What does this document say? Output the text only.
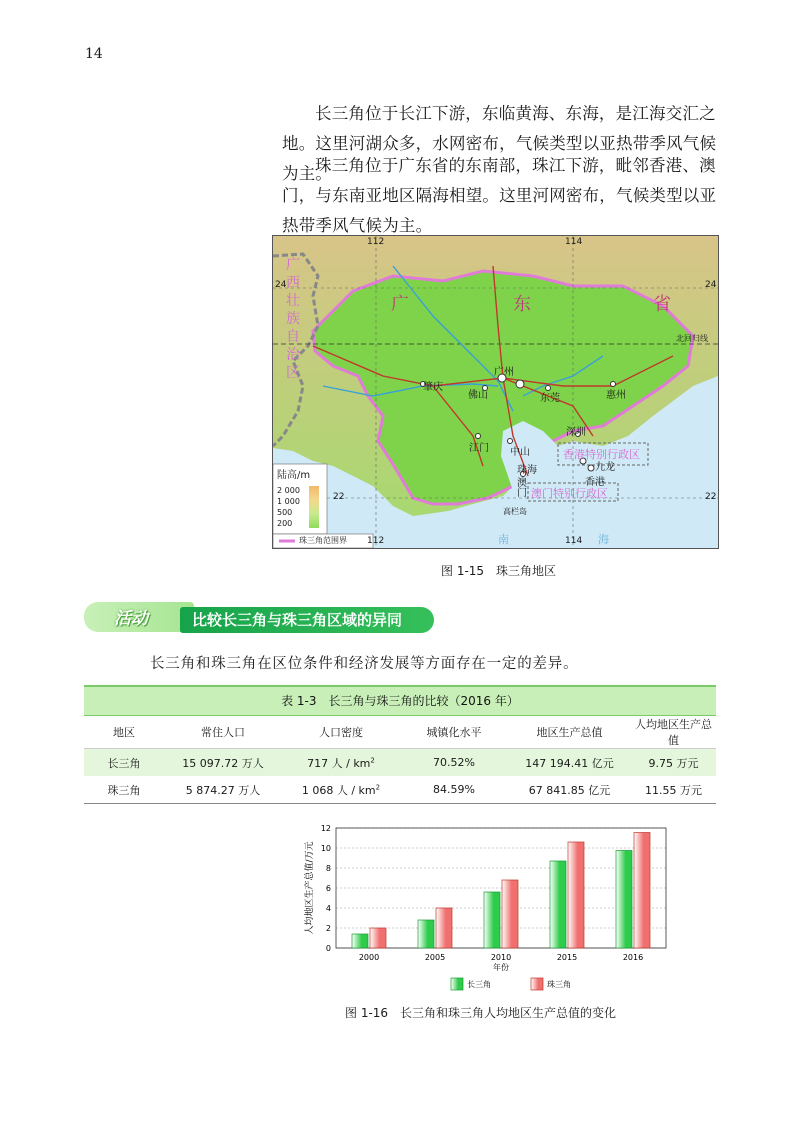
14
长三角位于长江下游，东临黄海、东海，是江海交汇之地。这里河湖众多，水网密布，气候类型以亚热带季风气候为主。
珠三角位于广东省的东南部，珠江下游，毗邻香港、澳门，与东南亚地区隔海相望。这里河网密布，气候类型以亚热带季风气候为主。
112	114
112	114
24	24
22	22
广西壮族自治区
广	东	省
北回归线
广州
佛山
肇庆
东莞	惠州
江门 中山
珠海
澳门
深圳
九龙
香港
香港特别行政区
澳门特别行政区
高栏岛
南	海
陆高/m
2 000
1 000
500
200
珠三角范围界
图 1-15　珠三角地区
活动	比较长三角与珠三角区域的异同
长三角和珠三角在区位条件和经济发展等方面存在一定的差异。
表 1-3　长三角与珠三角的比较（2016 年）
地区	常住人口	人口密度	城镇化水平	地区生产总值	人均地区生产总值
长三角	15 097.72 万人	717 人 / $km^2$	70.52%	147 194.41 亿元	9.75 万元
珠三角	5 874.27 万人	1 068 人 / $km^2$	84.59%	67 841.85 亿元	11.55 万元
0
2
4
6
8
10
12
2000	2005	2010	2015	2016
年份
人均地区生产总值/万元
长三角	珠三角
图 1-16　长三角和珠三角人均地区生产总值的变化
